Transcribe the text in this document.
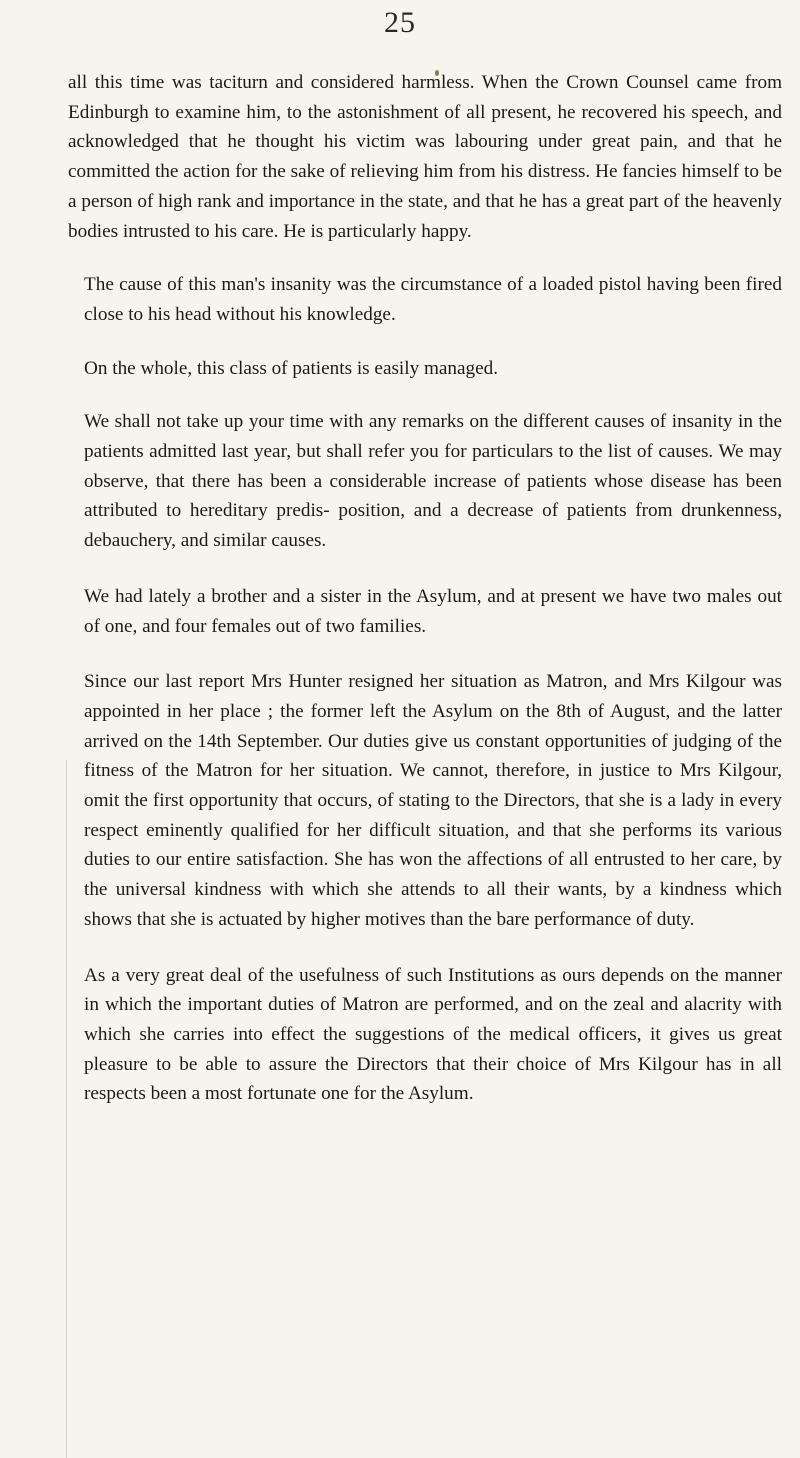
25

all this time was taciturn and considered harmless. When the Crown Counsel came from Edinburgh to examine him, to the astonishment of all present, he recovered his speech, and acknowledged that he thought his victim was labouring under great pain, and that he committed the action for the sake of relieving him from his distress. He fancies himself to be a person of high rank and importance in the state, and that he has a great part of the heavenly bodies intrusted to his care. He is particularly happy.

The cause of this man's insanity was the circumstance of a loaded pistol having been fired close to his head without his knowledge.

On the whole, this class of patients is easily managed.

We shall not take up your time with any remarks on the different causes of insanity in the patients admitted last year, but shall refer you for particulars to the list of causes. We may observe, that there has been a considerable increase of patients whose disease has been attributed to hereditary predis- position, and a decrease of patients from drunkenness, debauchery, and similar causes.

We had lately a brother and a sister in the Asylum, and at present we have two males out of one, and four females out of two families.

Since our last report Mrs Hunter resigned her situation as Matron, and Mrs Kilgour was appointed in her place ; the former left the Asylum on the 8th of August, and the latter arrived on the 14th September. Our duties give us constant opportunities of judging of the fitness of the Matron for her situation. We cannot, therefore, in justice to Mrs Kilgour, omit the first opportunity that occurs, of stating to the Directors, that she is a lady in every respect eminently qualified for her difficult situation, and that she performs its various duties to our entire satisfaction. She has won the affections of all entrusted to her care, by the universal kindness with which she attends to all their wants, by a kindness which shows that she is actuated by higher motives than the bare performance of duty.

As a very great deal of the usefulness of such Institutions as ours depends on the manner in which the important duties of Matron are performed, and on the zeal and alacrity with which she carries into effect the suggestions of the medical officers, it gives us great pleasure to be able to assure the Directors that their choice of Mrs Kilgour has in all respects been a most fortunate one for the Asylum.
